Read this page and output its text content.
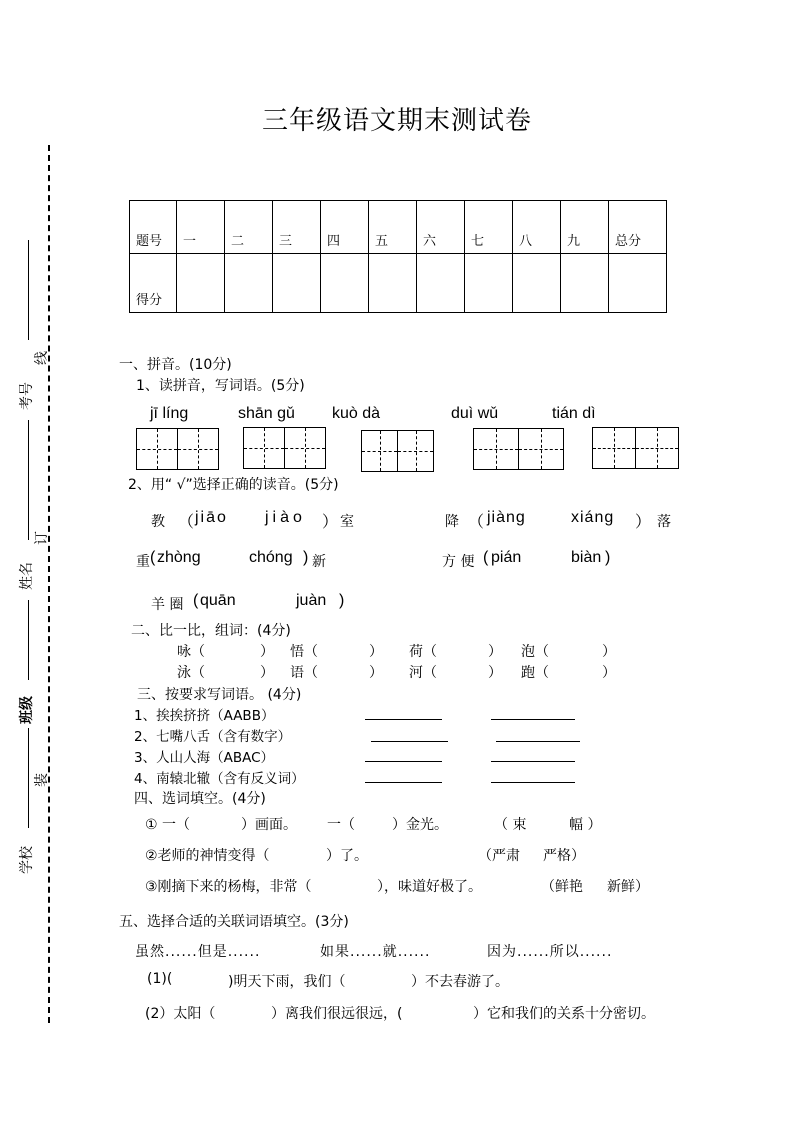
三年级语文期末测试卷
考号
线
姓名
订
班级
装
学校
题号	一	二	三	四	五	六	七	八	九	总分
得分										
一、拼音。(10分)
1、读拼音，写词语。(5分)
jī líng	shān gǔ kuò dà	duì wǔ	tián dì
2、用“ √”选择正确的读音。(5分)
教 （ jiāo jiào ） 室	降 （ jiàng	xiáng ） 落
重 ( zhòng	chóng ) 新	方 便 ( pián	biàn )
羊 圈 ( quān	juàn )
二、比一比，组词：(4分)
咏（	） 悟（	） 荷（	） 泡（	）
泳（	） 语（	） 河（	） 跑（	）
三、按要求写词语。 (4分)
1、挨挨挤挤（AABB）
2、七嘴八舌（含有数字）
3、人山人海（ABAC）
4、南辕北辙（含有反义词）
四、选词填空。(4分)
① 一（	）画面。 一（	）金光。	（ 束	幅 ）
②老师的神情变得（	）了。	（严肃 严格）
③刚摘下来的杨梅，非常（	），味道好极了。	（鲜艳 新鲜）
五、选择合适的关联词语填空。(3分)
虽然......但是......	如果......就......	因为......所以......
(1)(	)明天下雨，我们（	）不去春游了。
(2）太阳（	）离我们很远很远，(	）它和我们的关系十分密切。
